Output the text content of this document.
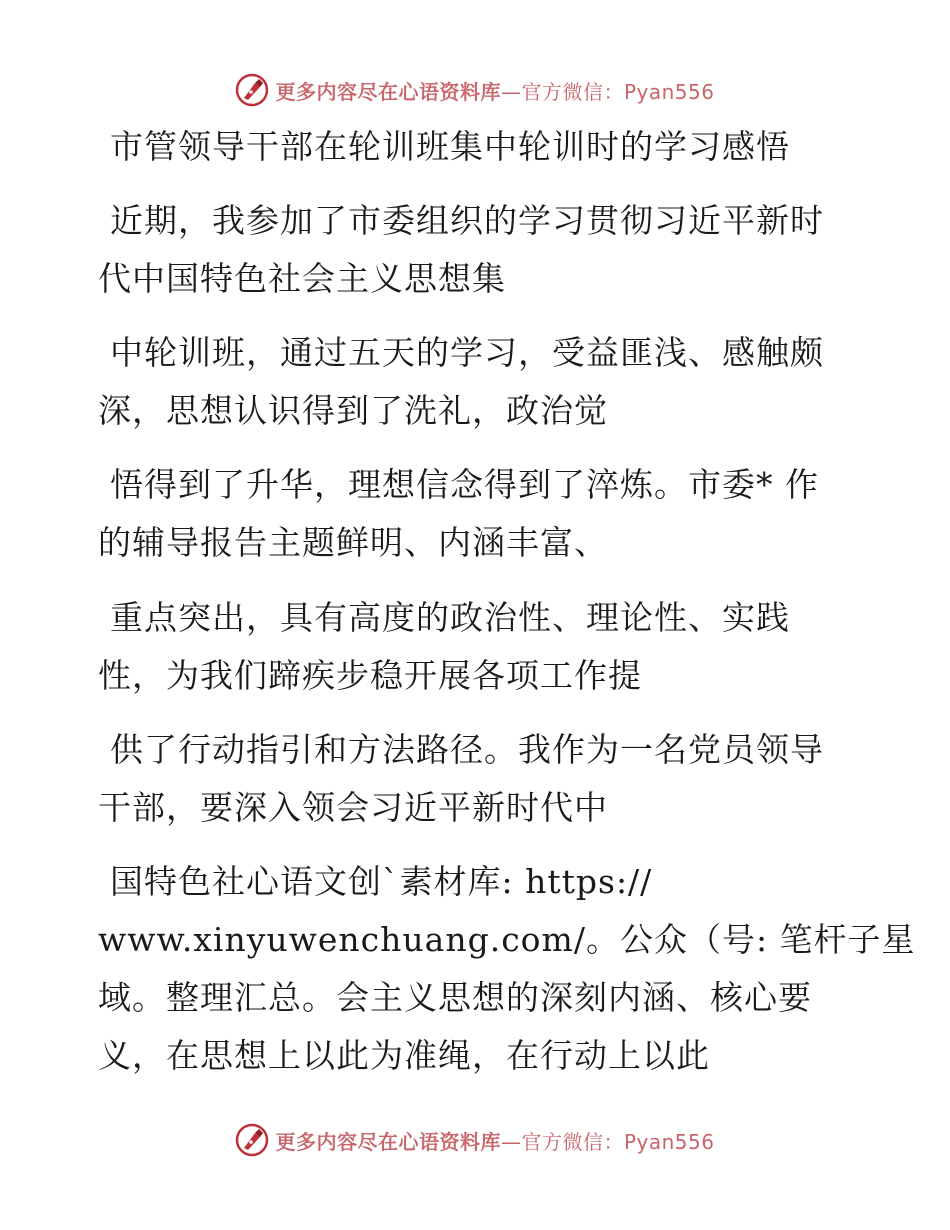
更多内容尽在心语资料库—官方微信：Pyan556
市管领导干部在轮训班集中轮训时的学习感悟
近期，我参加了市委组织的学习贯彻习近平新时
代中国特色社会主义思想集
中轮训班，通过五天的学习，受益匪浅、感触颇
深，思想认识得到了洗礼，政治觉
悟得到了升华，理想信念得到了淬炼。市委* 作
的辅导报告主题鲜明、内涵丰富、
重点突出，具有高度的政治性、理论性、实践
性，为我们蹄疾步稳开展各项工作提
供了行动指引和方法路径。我作为一名党员领导
干部，要深入领会习近平新时代中
国特色社心语文创`素材库: https://
www.xinyuwenchuang.com/。公众（号: 笔杆子星
域。整理汇总。会主义思想的深刻内涵、核心要
义，在思想上以此为准绳，在行动上以此
更多内容尽在心语资料库—官方微信：Pyan556
